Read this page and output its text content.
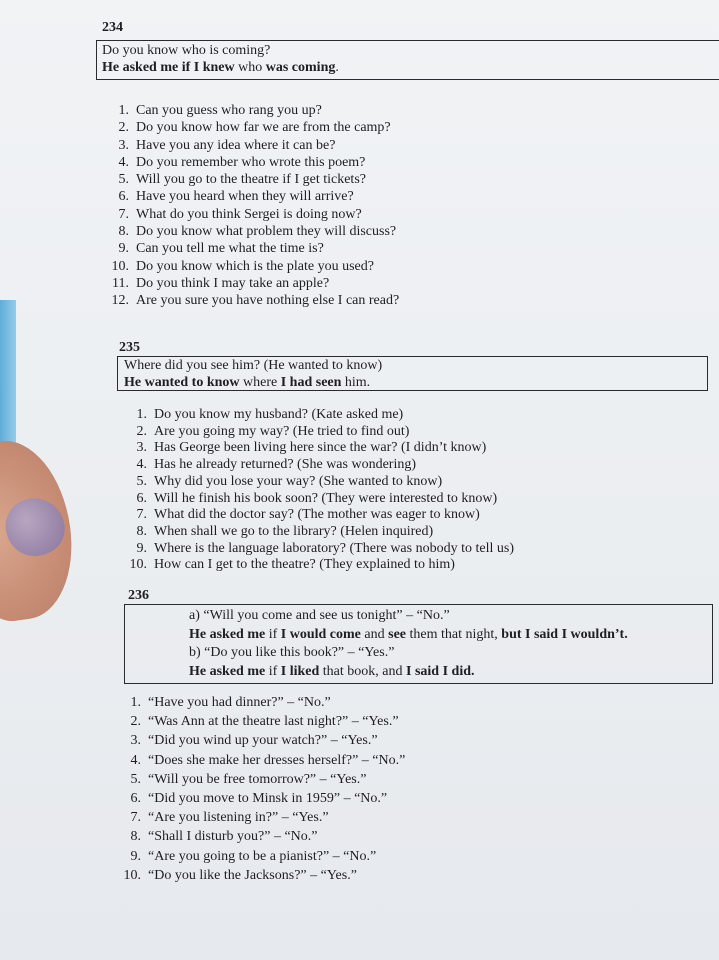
234
Do you know who is coming?
He asked me if I knew who was coming.
1. Can you guess who rang you up?
2. Do you know how far we are from the camp?
3. Have you any idea where it can be?
4. Do you remember who wrote this poem?
5. Will you go to the theatre if I get tickets?
6. Have you heard when they will arrive?
7. What do you think Sergei is doing now?
8. Do you know what problem they will discuss?
9. Can you tell me what the time is?
10. Do you know which is the plate you used?
11. Do you think I may take an apple?
12. Are you sure you have nothing else I can read?
235
Where did you see him? (He wanted to know)
He wanted to know where I had seen him.
1. Do you know my husband? (Kate asked me)
2. Are you going my way? (He tried to find out)
3. Has George been living here since the war? (I didn’t know)
4. Has he already returned? (She was wondering)
5. Why did you lose your way? (She wanted to know)
6. Will he finish his book soon? (They were interested to know)
7. What did the doctor say? (The mother was eager to know)
8. When shall we go to the library? (Helen inquired)
9. Where is the language laboratory? (There was nobody to tell us)
10. How can I get to the theatre? (They explained to him)
236
a) “Will you come and see us tonight” – “No.”
He asked me if I would come and see them that night, but I said I wouldn’t.
b) “Do you like this book?” – “Yes.”
He asked me if I liked that book, and I said I did.
1. “Have you had dinner?” – “No.”
2. “Was Ann at the theatre last night?” – “Yes.”
3. “Did you wind up your watch?” – “Yes.”
4. “Does she make her dresses herself?” – “No.”
5. “Will you be free tomorrow?” – “Yes.”
6. “Did you move to Minsk in 1959” – “No.”
7. “Are you listening in?” – “Yes.”
8. “Shall I disturb you?” – “No.”
9. “Are you going to be a pianist?” – “No.”
10. “Do you like the Jacksons?” – “Yes.”
